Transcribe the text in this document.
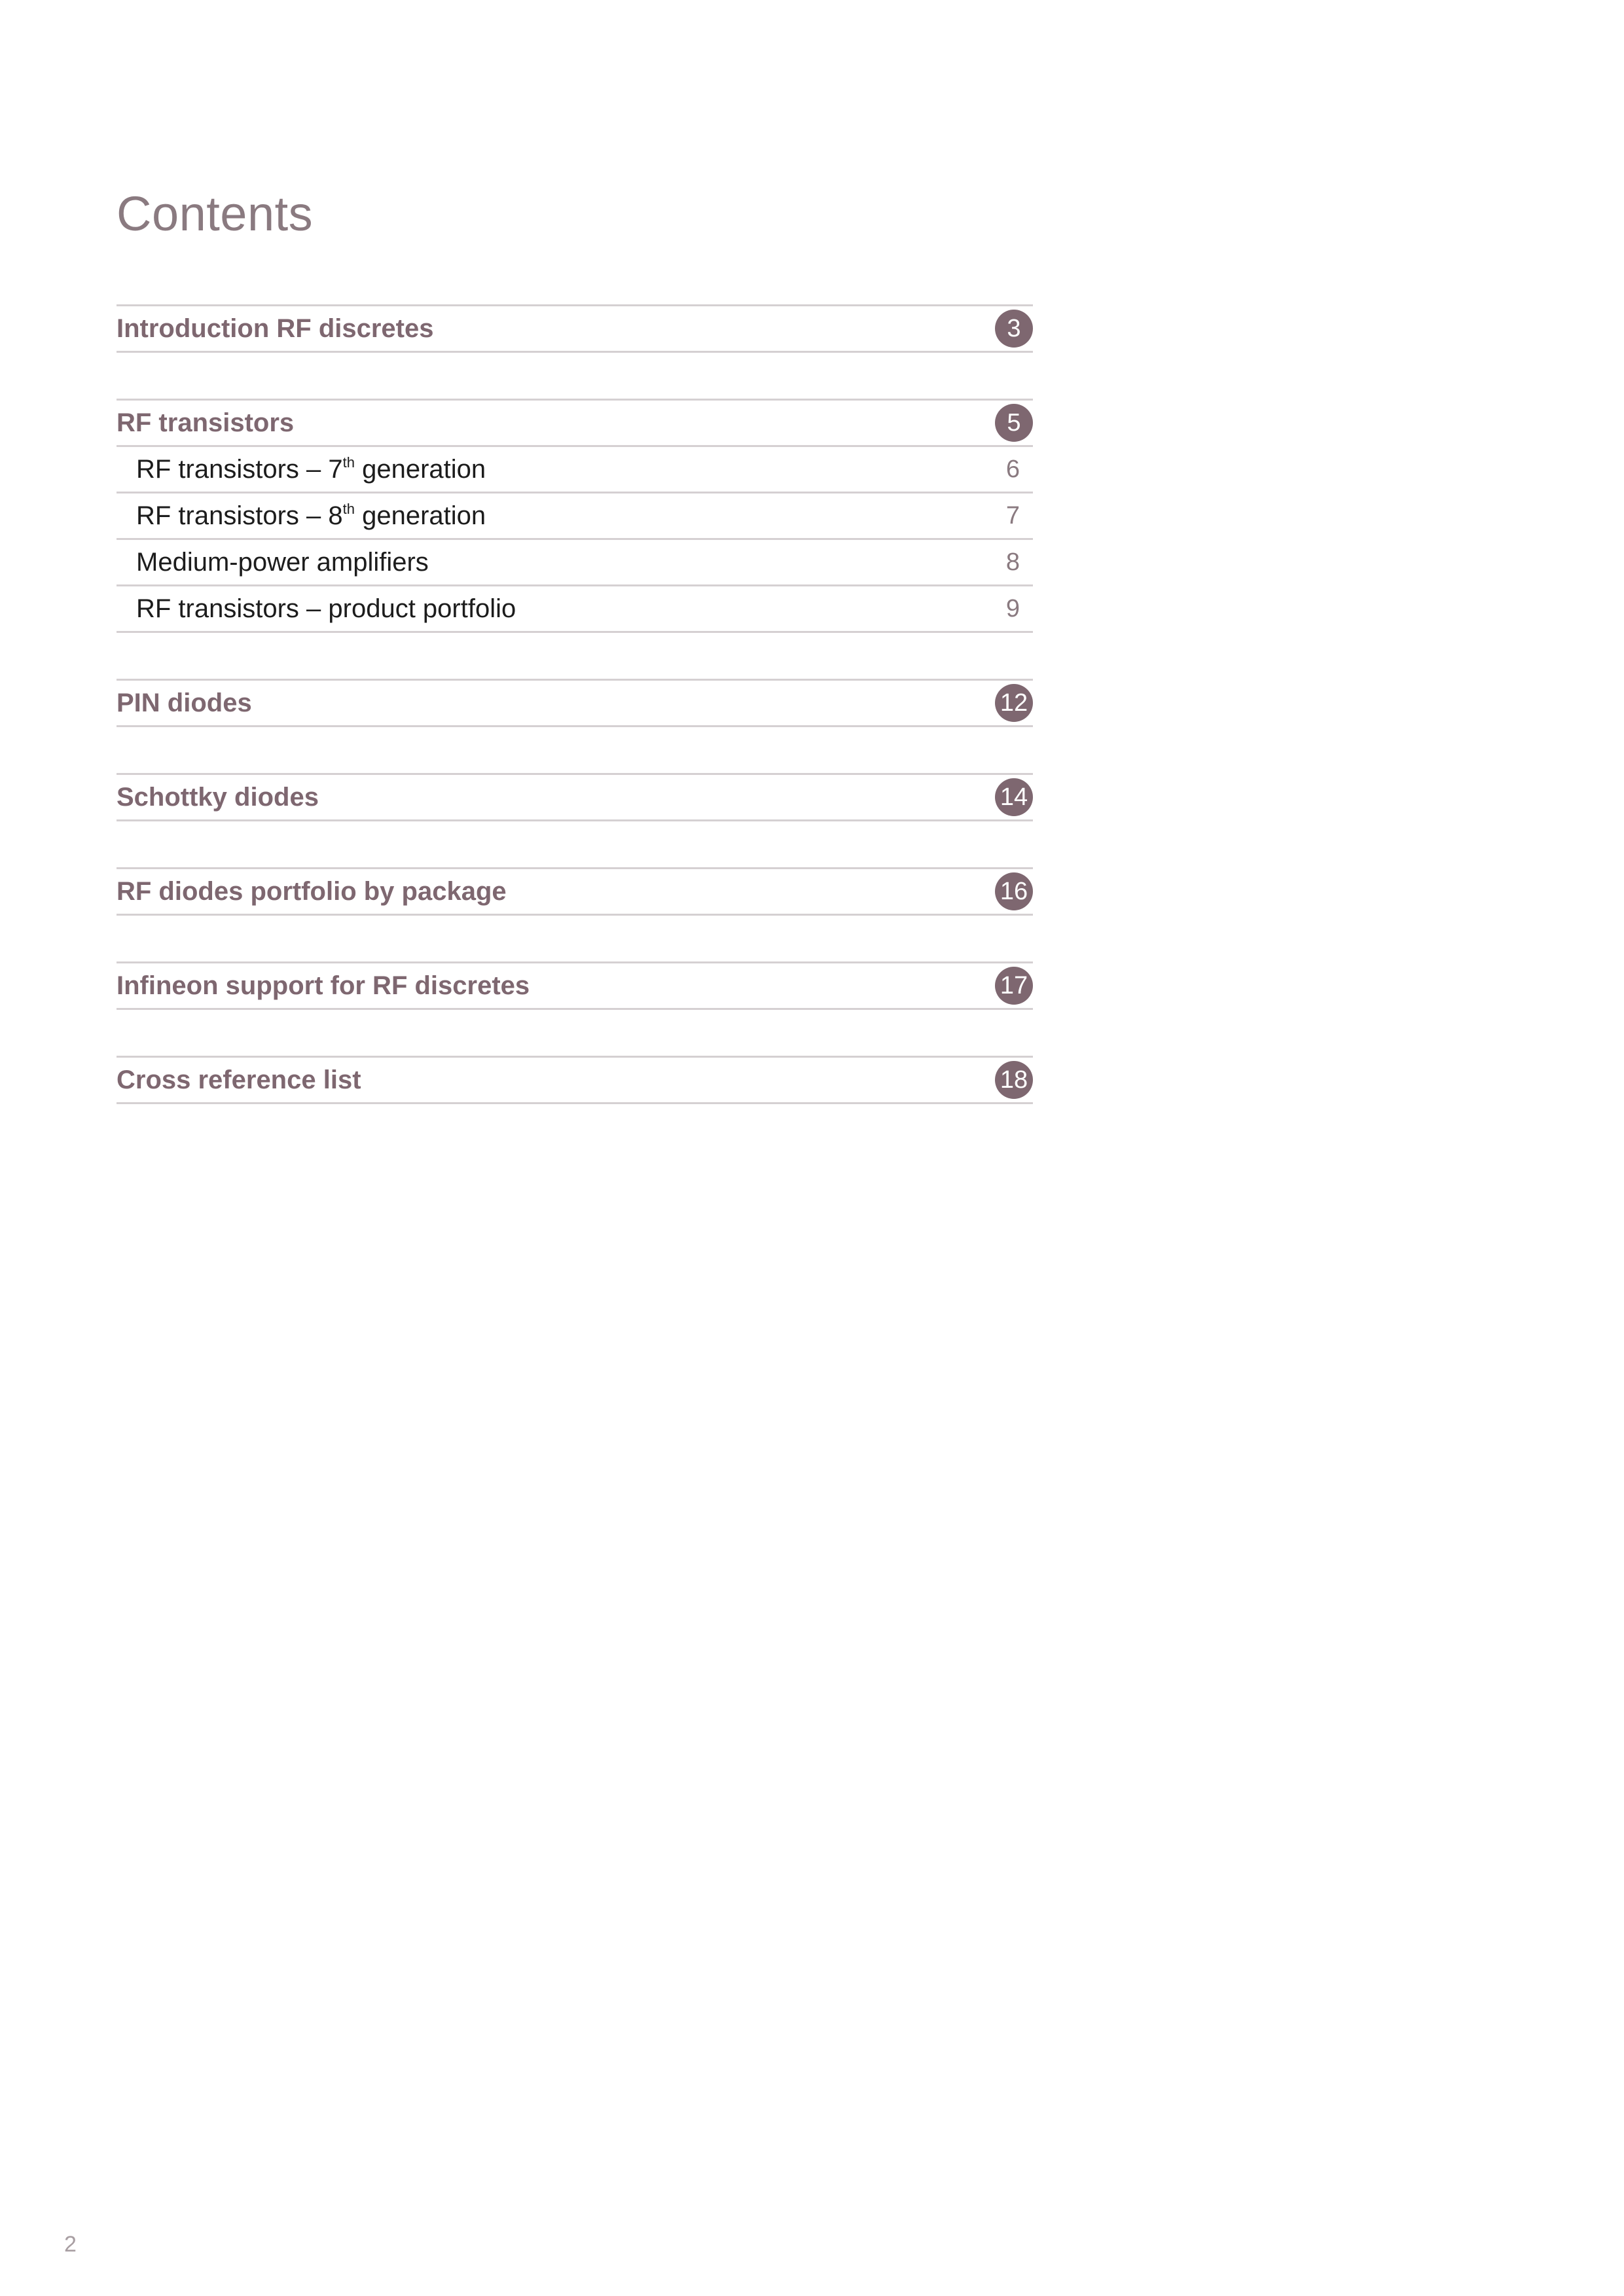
Contents
Introduction RF discretes	3
RF transistors	5
RF transistors – 7th generation	6
RF transistors – 8th generation	7
Medium-power amplifiers	8
RF transistors – product portfolio	9
PIN diodes	12
Schottky diodes	14
RF diodes portfolio by package	16
Infineon support for RF discretes	17
Cross reference list	18
2
